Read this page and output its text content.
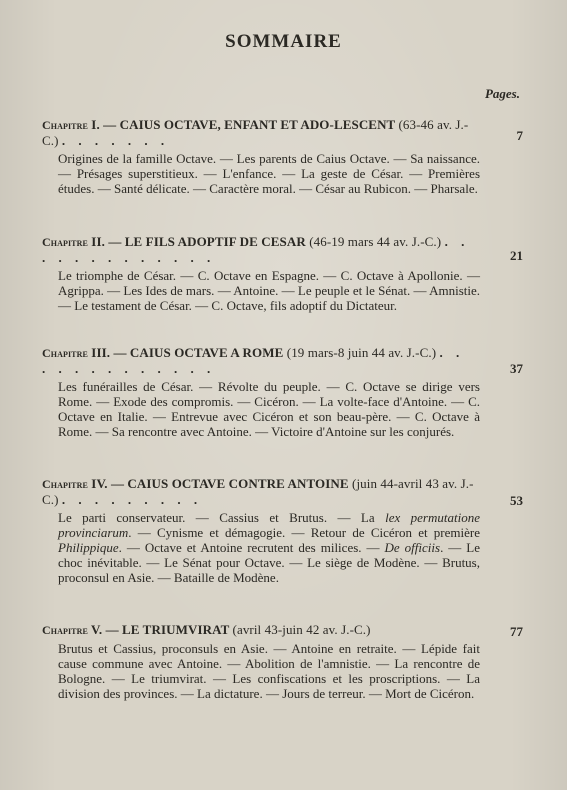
SOMMAIRE
Pages.
Chapitre I. — CAIUS OCTAVE, ENFANT ET ADO-LESCENT (63-46 av. J.-C.) . . . . . . .
Origines de la famille Octave. — Les parents de Caius Octave. — Sa naissance. — Présages superstitieux. — L'enfance. — La geste de César. — Premières études. — Santé délicate. — Caractère moral. — César au Rubicon. — Pharsale.
7
Chapitre II. — LE FILS ADOPTIF DE CESAR (46-19 mars 44 av. J.-C.) . . . . . . . . . . . . .
Le triomphe de César. — C. Octave en Espagne. — C. Octave à Apollonie. — Agrippa. — Les Ides de mars. — Antoine. — Le peuple et le Sénat. — Amnistie. — Le testament de César. — C. Octave, fils adoptif du Dictateur.
21
Chapitre III. — CAIUS OCTAVE A ROME (19 mars-8 juin 44 av. J.-C.) . . . . . . . . . . . . .
Les funérailles de César. — Révolte du peuple. — C. Octave se dirige vers Rome. — Exode des compromis. — Cicéron. — La volte-face d'Antoine. — C. Octave en Italie. — Entrevue avec Cicéron et son beau-père. — C. Octave à Rome. — Sa rencontre avec Antoine. — Victoire d'Antoine sur les conjurés.
37
Chapitre IV. — CAIUS OCTAVE CONTRE ANTOINE (juin 44-avril 43 av. J.-C.) . . . . . . . . .
Le parti conservateur. — Cassius et Brutus. — La lex permutatione provinciarum. — Cynisme et démagogie. — Retour de Cicéron et première Philippique. — Octave et Antoine recrutent des milices. — De officiis. — Le choc inévitable. — Le Sénat pour Octave. — Le siège de Modène. — Brutus, proconsul en Asie. — Bataille de Modène.
53
Chapitre V. — LE TRIUMVIRAT (avril 43-juin 42 av. J.-C.)
Brutus et Cassius, proconsuls en Asie. — Antoine en retraite. — Lépide fait cause commune avec Antoine. — Abolition de l'amnistie. — La rencontre de Bologne. — Le triumvirat. — Les confiscations et les proscriptions. — La division des provinces. — La dictature. — Jours de terreur. — Mort de Cicéron.
77
